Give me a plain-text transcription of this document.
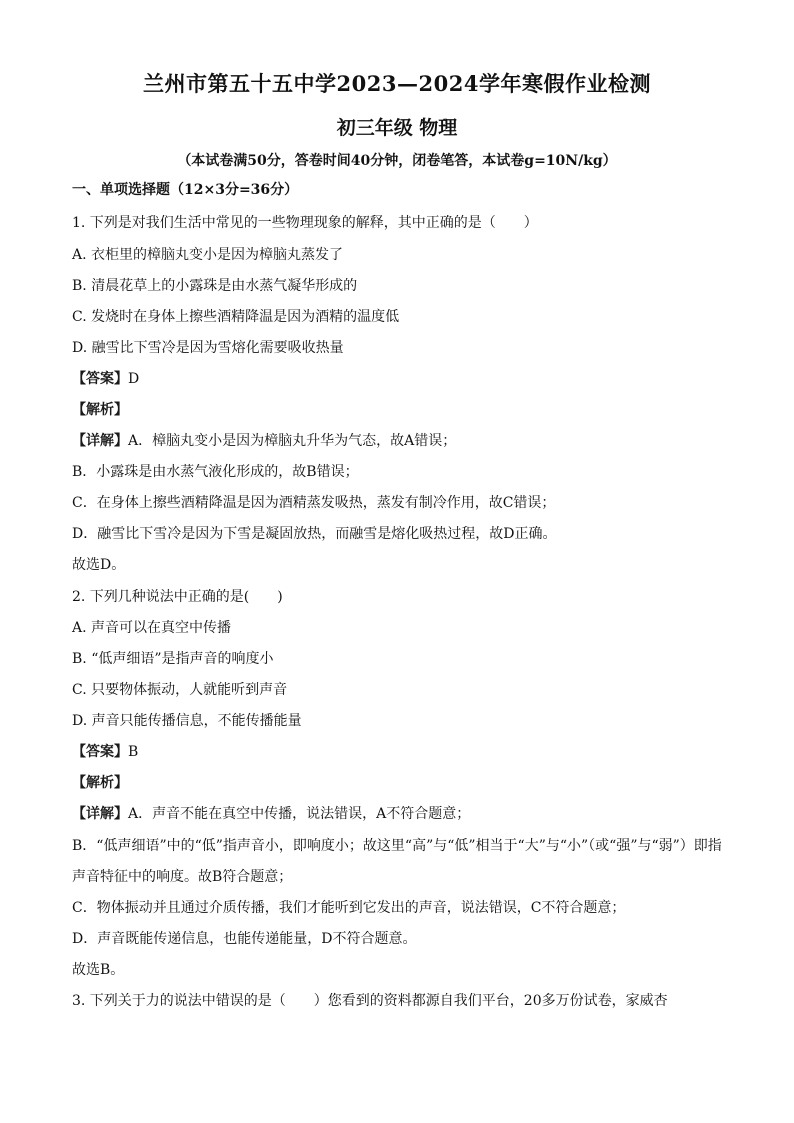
兰州市第五十五中学2023—2024学年寒假作业检测
初三年级 物理
（本试卷满50分，答卷时间40分钟，闭卷笔答，本试卷g=10N/kg）
一、单项选择题（12×3分=36分）
1. 下列是对我们生活中常见的一些物理现象的解释，其中正确的是（　　）
A. 衣柜里的樟脑丸变小是因为樟脑丸蒸发了
B. 清晨花草上的小露珠是由水蒸气凝华形成的
C. 发烧时在身体上擦些酒精降温是因为酒精的温度低
D. 融雪比下雪冷是因为雪熔化需要吸收热量
【答案】D
【解析】
【详解】A．樟脑丸变小是因为樟脑丸升华为气态，故A错误；
B．小露珠是由水蒸气液化形成的，故B错误；
C．在身体上擦些酒精降温是因为酒精蒸发吸热，蒸发有制冷作用，故C错误；
D．融雪比下雪冷是因为下雪是凝固放热，而融雪是熔化吸热过程，故D正确。
故选D。
2. 下列几种说法中正确的是(　　)
A. 声音可以在真空中传播
B. “低声细语”是指声音的响度小
C. 只要物体振动，人就能听到声音
D. 声音只能传播信息，不能传播能量
【答案】B
【解析】
【详解】A．声音不能在真空中传播，说法错误，A不符合题意；
B．“低声细语”中的“低”指声音小，即响度小；故这里“高”与“低”相当于“大”与“小”（或“强”与“弱”）即指
声音特征中的响度。故B符合题意；
C．物体振动并且通过介质传播，我们才能听到它发出的声音，说法错误，C不符合题意；
D．声音既能传递信息，也能传递能量，D不符合题意。
故选B。
3. 下列关于力的说法中错误的是（　　）您看到的资料都源自我们平台，20多万份试卷，家威杏
